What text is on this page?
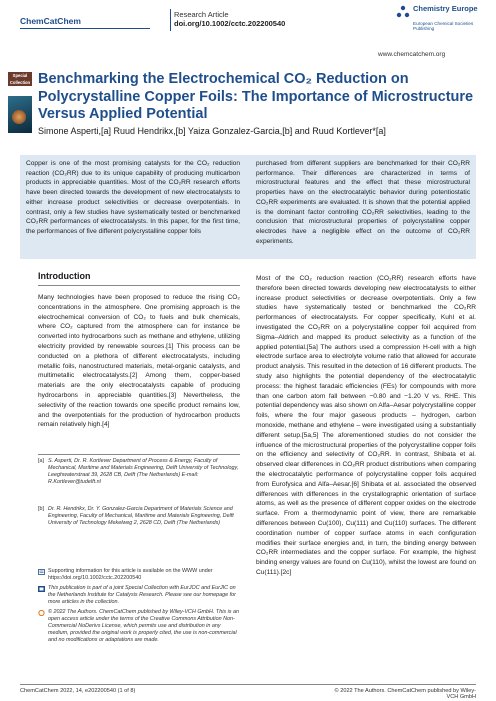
ChemCatChem
Research Article
doi.org/10.1002/cctc.202200540
Chemistry Europe
European Chemical Societies Publishing
www.chemcatchem.org
Special Collection Benchmarking the Electrochemical CO₂ Reduction on Polycrystalline Copper Foils: The Importance of Microstructure Versus Applied Potential
Simone Asperti,[a] Ruud Hendrikx,[b] Yaiza Gonzalez-Garcia,[b] and Ruud Kortlever*[a]
Copper is one of the most promising catalysts for the CO₂ reduction reaction (CO₂RR) due to its unique capability of producing multicarbon products in appreciable quantities. Most of the CO₂RR research efforts have been directed towards the development of new electrocatalysts to either increase product selectivities or decrease overpotentials. In contrast, only a few studies have systematically tested or benchmarked CO₂RR performances of electrocatalysts. In this paper, for the first time, the performances of five different polycrystalline copper foils
purchased from different suppliers are benchmarked for their CO₂RR performance. Their differences are characterized in terms of microstructural features and the effect that these microstructural properties have on the electrocatalytic behavior during potentiostatic CO₂RR experiments are evaluated. It is shown that the potential applied is the dominant factor controlling CO₂RR selectivities, leading to the conclusion that microstructural properties of polycrystalline copper electrodes have a negligible effect on the outcome of CO₂RR experiments.
Introduction
Many technologies have been proposed to reduce the rising CO₂ concentrations in the atmosphere. One promising approach is the electrochemical conversion of CO₂ to fuels and bulk chemicals, where CO₂ captured from the atmosphere can for instance be converted into hydrocarbons such as methane and ethylene, utilizing electricity provided by renewable sources.[1] This process can be conducted on a plethora of different electrocatalysts, including metallic foils, nanostructured materials, metal-organic catalysts, and multimetallic electrocatalysts.[2] Among them, copper-based materials are the only electrocatalysts capable of producing hydrocarbons in appreciable quantities.[3] Nevertheless, the selectivity of the reaction towards one specific product remains low, and the overpotentials for the production of hydrocarbon products remain relatively high.[4]
Most of the CO₂ reduction reaction (CO₂RR) research efforts have therefore been directed towards developing new electrocatalysts to either increase product selectivities or decrease overpotentials. Only a few studies have systematically tested or benchmarked the CO₂RR performances of electrocatalysts. For copper specifically, Kuhl et al. investigated the CO₂RR on a polycrystalline copper foil acquired from Sigma–Aldrich and mapped its product selectivity as a function of the applied potential.[5a] The authors used a compression H-cell with a high electrode surface area to electrolyte volume ratio that allowed for accurate product analysis. This resulted in the detection of 16 different products. The study also highlights the potential dependency of the electrocatalytic process: the highest faradaic efficiencies (FEs) for compounds with more than one carbon atom fall between −0.80 and −1.20 V vs. RHE. This potential dependency was also shown on Alfa–Aesar polycrystalline copper foils, where the four major gaseous products – hydrogen, carbon monoxide, methane and ethylene – were investigated using a substantially different setup.[5a,5] The aforementioned studies do not consider the influence of the microstructural properties of the polycrystalline copper foils on the efficiency and selectivity of CO₂RR. In contrast, Shibata et al. observed clear differences in CO₂RR product distributions when comparing the electrocatalytic performance of polycrystalline copper foils acquired from Eurofysica and Alfa–Aesar.[6] Shibata et al. associated the observed differences with differences in the crystallographic orientation of surface atoms, as well as the presence of different copper oxides on the electrode surface. From a thermodynamic point of view, there are remarkable differences between Cu(100), Cu(111) and Cu(110) surfaces. The different coordination number of copper surface atoms in each configuration modifies their surface energies and, in turn, the binding energy between CO₂RR intermediates and the copper surface. For example, the highest binding energy values are found on Cu(110), whilst the lowest are found on Cu(111).[2c]
[a] S. Asperti, Dr. R. Kortlever Department of Process & Energy, Faculty of Mechanical, Maritime and Materials Engineering, Delft University of Technology, Leeghwaterstraat 39, 2628 CB, Delft (The Netherlands) E-mail: R.Kortlever@tudelft.nl
[b] Dr. R. Hendrikx, Dr. Y. Gonzalez-Garcia Department of Materials Science and Engineering, Faculty of Mechanical, Maritime and Materials Engineering, Delft University of Technology Mekelweg 2, 2628 CD, Delft (The Netherlands)
Supporting information for this article is available on the WWW under https://doi.org/10.1002/cctc.202200540
This publication is part of a joint Special Collection with EurJOC and EurJIC on the Netherlands Institute for Catalysis Research. Please see our homepage for more articles in the collection.
© 2022 The Authors. ChemCatChem published by Wiley-VCH GmbH. This is an open access article under the terms of the Creative Commons Attribution Non-Commercial NoDerivs License, which permits use and distribution in any medium, provided the original work is properly cited, the use is non-commercial and no modifications or adaptations are made.
ChemCatChem 2022, 14, e202200540 (1 of 8)	© 2022 The Authors. ChemCatChem published by Wiley-VCH GmbH
